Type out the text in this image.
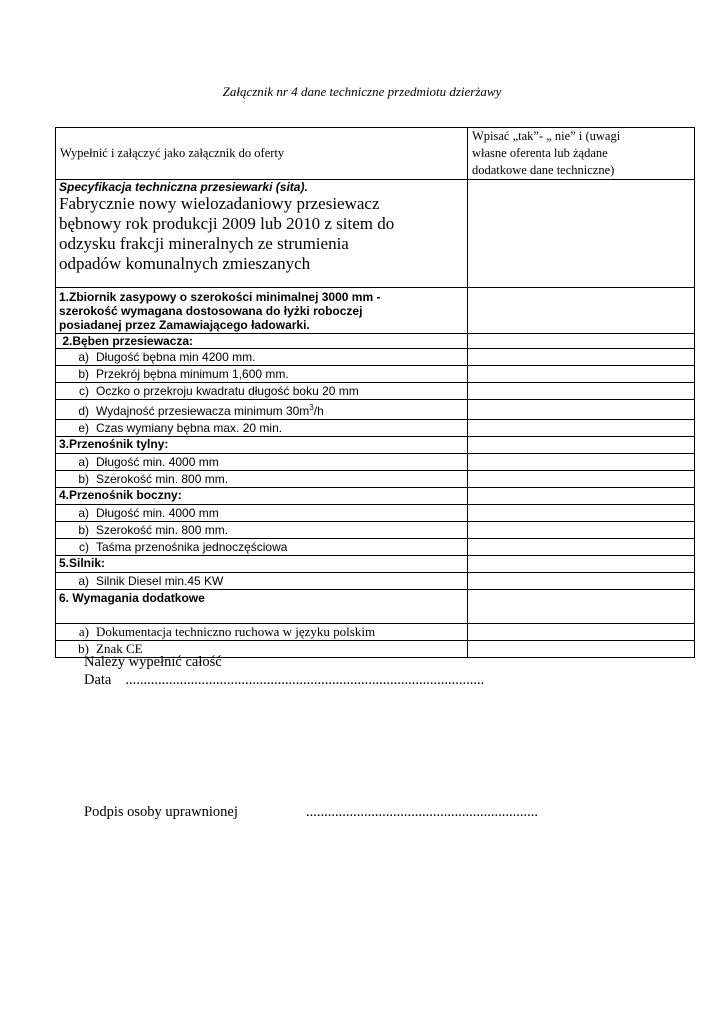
Załącznik nr 4 dane techniczne przedmiotu dzierżawy
Wypełnić i załączyć jako załącznik do oferty	Wpisać „tak”- „ nie” i (uwagi
własne oferenta lub żądane
dodatkowe dane techniczne)

Specyfikacja techniczna przesiewarki (sita).
Fabrycznie nowy wielozadaniowy przesiewacz
bębnowy rok produkcji 2009 lub 2010 z sitem do
odzysku frakcji mineralnych ze strumienia
odpadów komunalnych zmieszanych	

1.Zbiornik zasypowy o szerokości minimalnej 3000 mm -
szerokość wymagana dostosowana do łyżki roboczej
posiadanej przez Zamawiającego ładowarki.	

2.Bęben przesiewacza:	
a) Długość bębna min 4200 mm.	
b) Przekrój bębna minimum 1,600 mm.	
c) Oczko o przekroju kwadratu długość boku 20 mm	
d) Wydajność przesiewacza minimum $30m^3/h$	
e) Czas wymiany bębna max. 20 min.	
3.Przenośnik tylny:	
a) Długość min. 4000 mm	
b) Szerokość min. 800 mm.	
4.Przenośnik boczny:	
a) Długość min. 4000 mm	
b) Szerokość min. 800 mm.	
c) Taśma przenośnika jednoczęściowa	
5.Silnik:	
a) Silnik Diesel min.45 KW	
6. Wymagania dodatkowe	
a) Dokumentacja techniczno ruchowa w języku polskim	
b) Znak CE	
Należy wypełnić całość
Data ...................................................................................................
Podpis osoby uprawnionej	................................................................
